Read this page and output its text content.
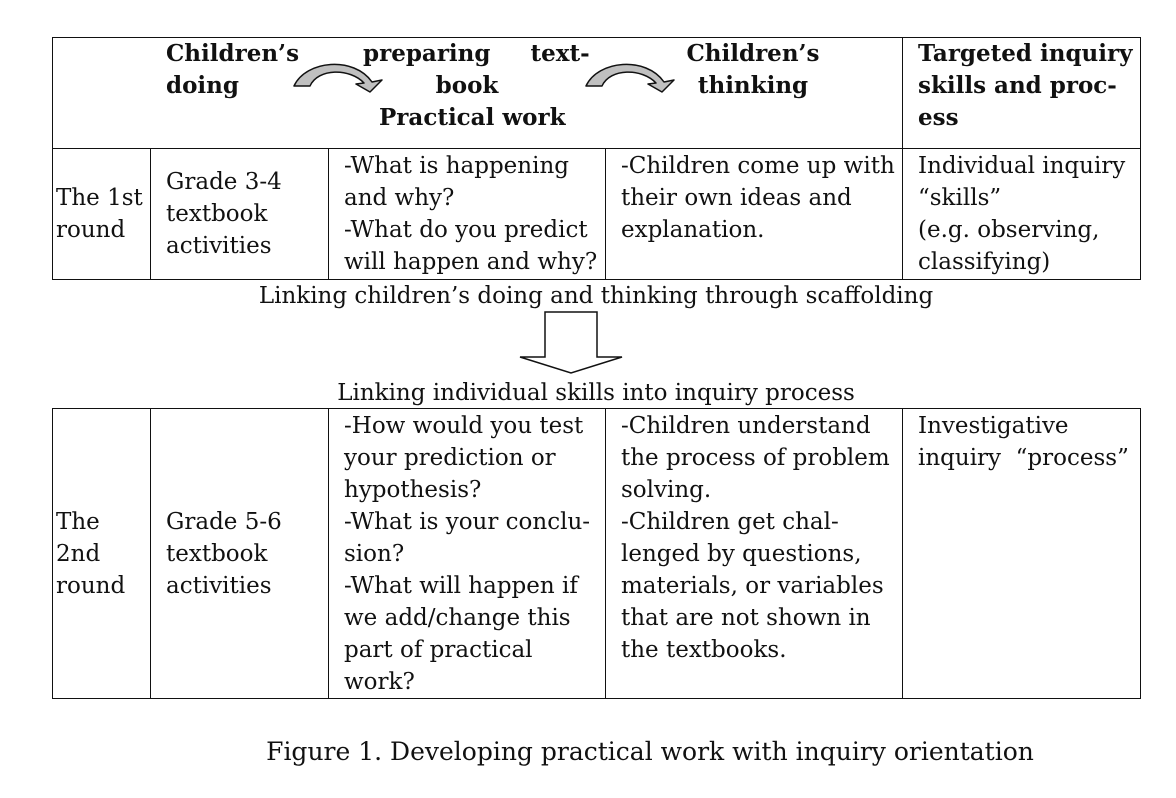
Children’s
doing
preparing     text-
book
Practical work
Children’s
thinking
Targeted inquiry
skills and proc-
ess
The 1st
round
Grade 3-4
textbook
activities
-What is happening
and why?
-What do you predict
will happen and why?
-Children come up with
their own ideas and
explanation.
Individual inquiry
“skills”
(e.g. observing,
classifying)
Linking children’s doing and thinking through scaffolding
Linking individual skills into inquiry process
The
2nd
round
Grade 5-6
textbook
activities
-How would you test
your prediction or
hypothesis?
-What is your conclu-
sion?
-What will happen if
we add/change this
part of practical
work?
-Children understand
the process of problem
solving.
-Children get chal-
lenged by questions,
materials, or variables
that are not shown in
the textbooks.
Investigative
inquiry  “process”
Figure 1. Developing practical work with inquiry orientation
